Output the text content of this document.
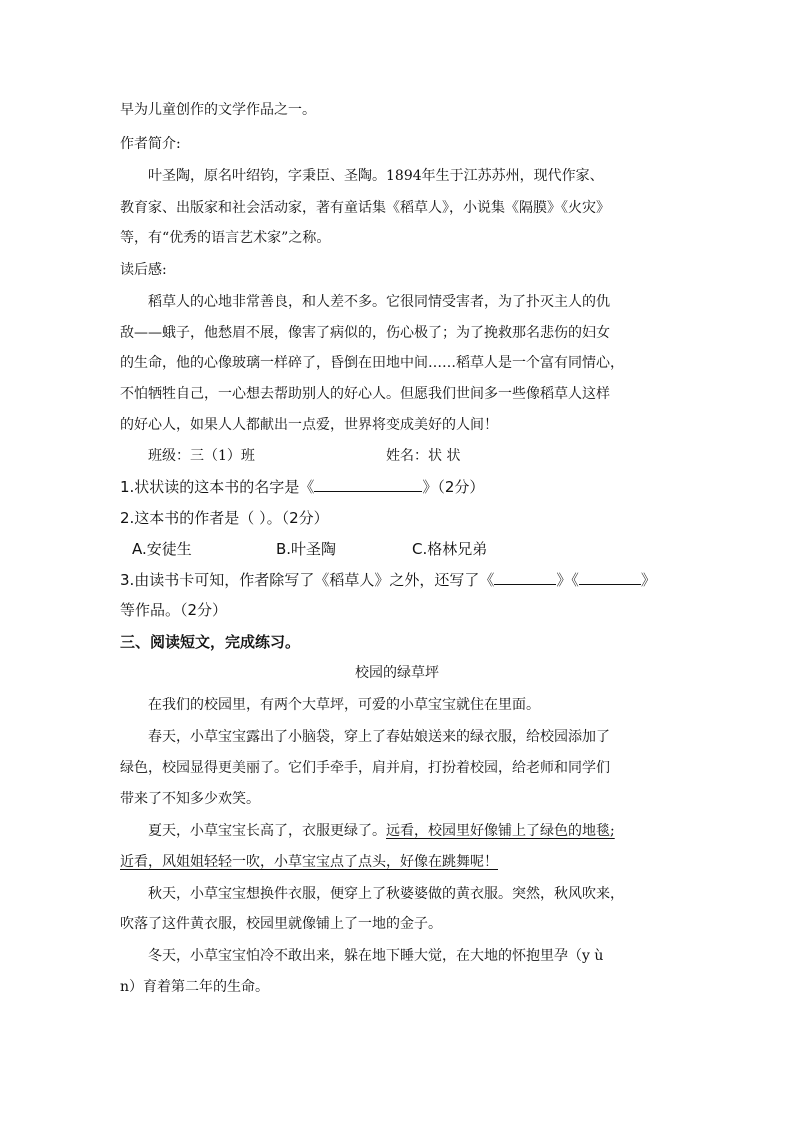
早为儿童创作的文学作品之一。
作者简介:
叶圣陶，原名叶绍钧，字秉臣、圣陶。1894年生于江苏苏州，现代作家、
教育家、出版家和社会活动家，著有童话集《稻草人》，小说集《隔膜》《火灾》
等，有“优秀的语言艺术家”之称。
读后感:
稻草人的心地非常善良，和人差不多。它很同情受害者，为了扑灭主人的仇
敌——蛾子，他愁眉不展，像害了病似的，伤心极了；为了挽救那名悲伤的妇女
的生命，他的心像玻璃一样碎了，昏倒在田地中间……稻草人是一个富有同情心，
不怕牺牲自己，一心想去帮助别人的好心人。但愿我们世间多一些像稻草人这样
的好心人，如果人人都献出一点爱，世界将变成美好的人间！
班级：三（1）班	姓名：状 状
1.状状读的这本书的名字是《	》（2分）
2.这本书的作者是（ ）。（2分）
A.安徒生	B.叶圣陶	C.格林兄弟
3.由读书卡可知，作者除写了《稻草人》之外，还写了《	》《	》
等作品。（2分）
三、阅读短文，完成练习。
校园的绿草坪
在我们的校园里，有两个大草坪，可爱的小草宝宝就住在里面。
春天，小草宝宝露出了小脑袋，穿上了春姑娘送来的绿衣服，给校园添加了
绿色，校园显得更美丽了。它们手牵手，肩并肩，打扮着校园，给老师和同学们
带来了不知多少欢笑。
夏天，小草宝宝长高了，衣服更绿了。远看，校园里好像铺上了绿色的地毯;
近看，风姐姐轻轻一吹，小草宝宝点了点头，好像在跳舞呢！
秋天，小草宝宝想换件衣服，便穿上了秋婆婆做的黄衣服。突然，秋风吹来，
吹落了这件黄衣服，校园里就像铺上了一地的金子。
冬天，小草宝宝怕冷不敢出来，躲在地下睡大觉，在大地的怀抱里孕（y ù
n）育着第二年的生命。
